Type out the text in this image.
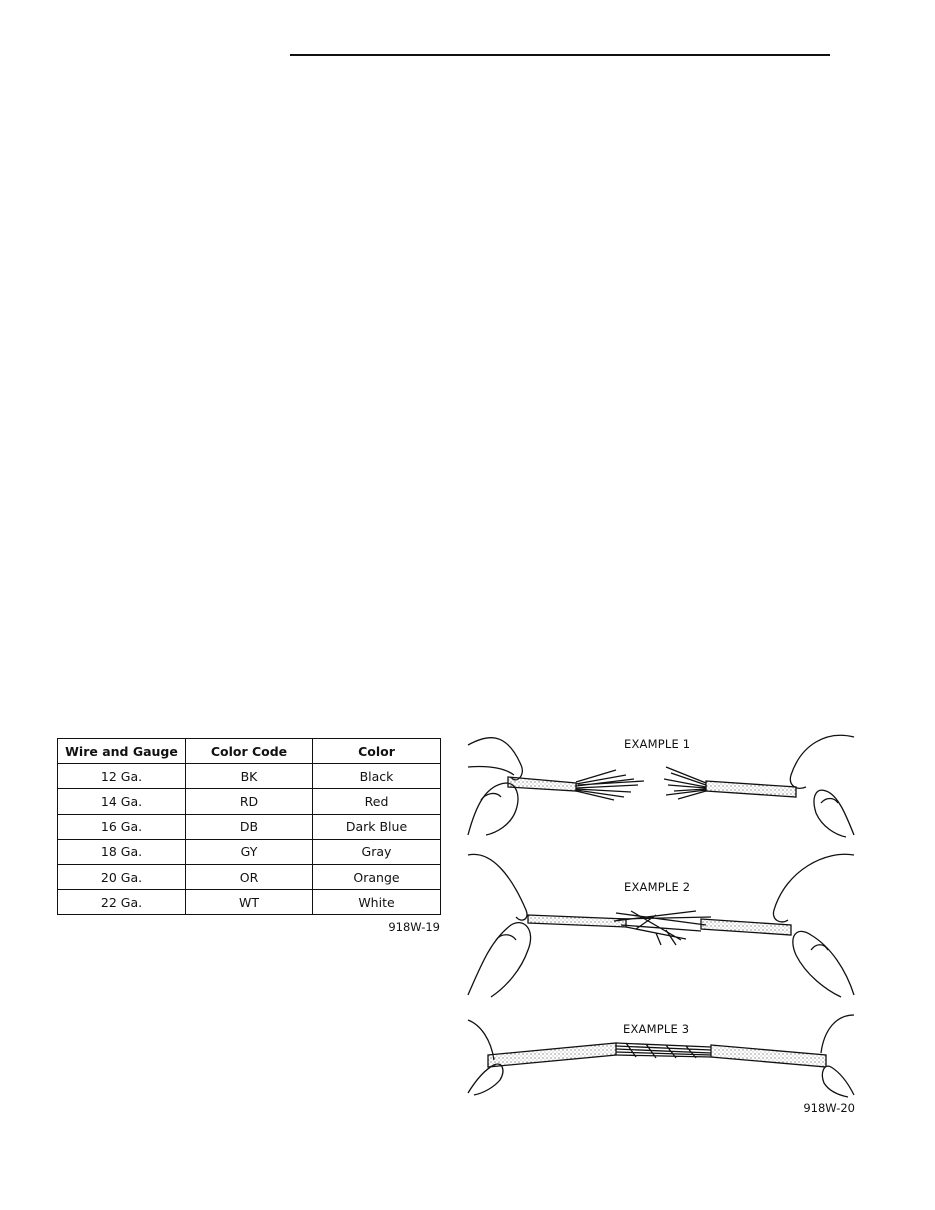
Wire and Gauge	Color Code	Color
12 Ga.	BK	Black
14 Ga.	RD	Red
16 Ga.	DB	Dark Blue
18 Ga.	GY	Gray
20 Ga.	OR	Orange
22 Ga.	WT	White
918W-19
EXAMPLE 1
EXAMPLE 2
EXAMPLE 3
918W-20
